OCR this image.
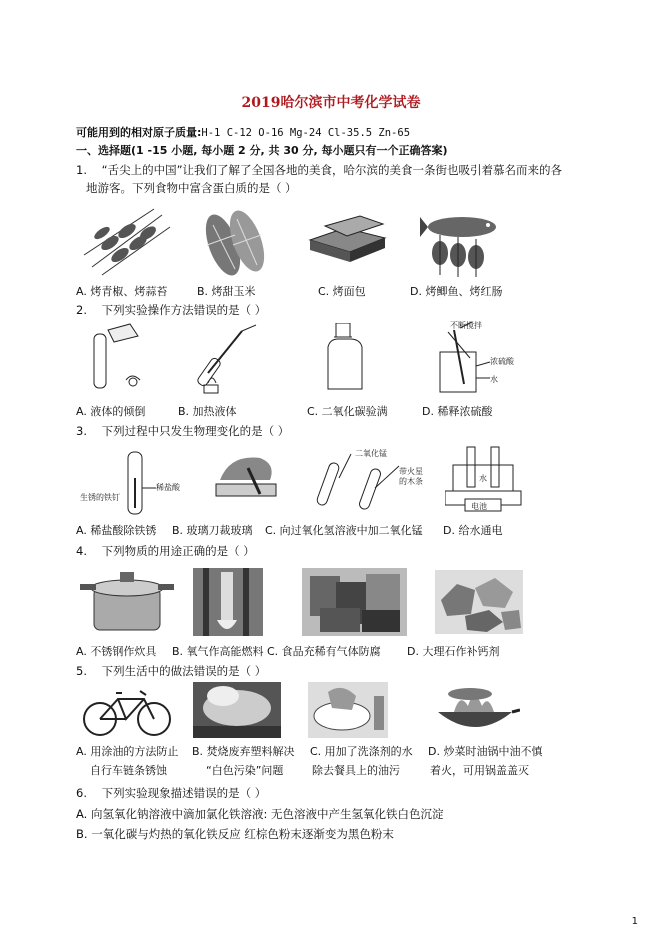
2019哈尔滨市中考化学试卷
可能用到的相对原子质量:H-1 C-12 O-16 Mg-24 Cl-35.5 Zn-65
一、选择题(1 -15 小题, 每小题 2 分, 共 30 分, 每小题只有一个正确答案)
1. “舌尖上的中国”让我们了解了全国各地的美食，哈尔滨的美食一条街也吸引着慕名而来的各
地游客。下列食物中富含蛋白质的是（ ）
A. 烤青椒、烤蒜苔	B. 烤甜玉米	C. 烤面包	D. 烤鲫鱼、烤红肠
2. 下列实验操作方法错误的是（ ）
不断搅拌
浓硫酸
水
A. 液体的倾倒	B. 加热液体	C. 二氧化碳验满	D. 稀释浓硫酸
3. 下列过程中只发生物理变化的是（ ）
稀盐酸
生锈的铁钉
二氧化锰
带火星
的木条	水
电池
A. 稀盐酸除铁锈 B. 玻璃刀裁玻璃 C. 向过氧化氢溶液中加二氧化锰 D. 给水通电
4. 下列物质的用途正确的是（ ）
A. 不锈钢作炊具 B. 氧气作高能燃料 C. 食品充稀有气体防腐 D. 大理石作补钙剂
5. 下列生活中的做法错误的是（ ）
A. 用涂油的方法防止
自行车链条锈蚀
B. 焚烧废弃塑料解决
“白色污染”问题
C. 用加了洗涤剂的水
除去餐具上的油污
D. 炒菜时油锅中油不慎
着火，可用锅盖盖灭
6. 下列实验现象描述错误的是（ ）
A. 向氢氧化钠溶液中滴加氯化铁溶液: 无色溶液中产生氢氧化铁白色沉淀
B. 一氧化碳与灼热的氧化铁反应 红棕色粉末逐渐变为黑色粉末
1
